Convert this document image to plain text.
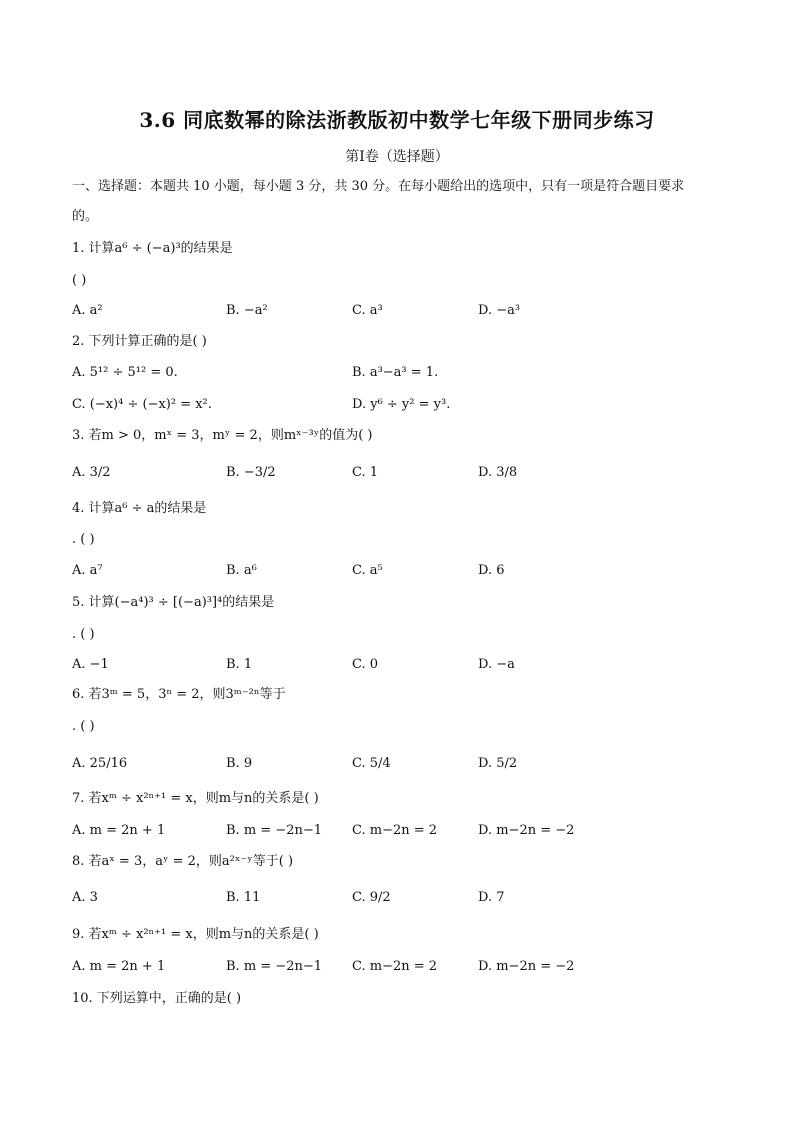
3.6 同底数幂的除法浙教版初中数学七年级下册同步练习
第Ⅰ卷（选择题）
一、选择题：本题共 10 小题，每小题 3 分，共 30 分。在每小题给出的选项中，只有一项是符合题目要求
的。
1. 计算a⁶ ÷ (−a)³的结果是
( )
A. a²	B. −a²	C. a³	D. −a³
2. 下列计算正确的是( )
A. 5¹² ÷ 5¹² = 0.	B. a³−a³ = 1.
C. (−x)⁴ ÷ (−x)² = x².	D. y⁶ ÷ y² = y³.
3. 若m > 0，mˣ = 3，mʸ = 2，则mˣ⁻³ʸ的值为( )
A. 3/2	B. −3/2	C. 1	D. 3/8
4. 计算a⁶ ÷ a的结果是
. ( )
A. a⁷	B. a⁶	C. a⁵	D. 6
5. 计算(−a⁴)³ ÷ [(−a)³]⁴的结果是
. ( )
A. −1	B. 1	C. 0	D. −a
6. 若3ᵐ = 5，3ⁿ = 2，则3ᵐ⁻²ⁿ等于
. ( )
A. 25/16	B. 9	C. 5/4	D. 5/2
7. 若xᵐ ÷ x²ⁿ⁺¹ = x，则m与n的关系是( )
A. m = 2n + 1	B. m = −2n−1 C. m−2n = 2	D. m−2n = −2
8. 若aˣ = 3，aʸ = 2，则a²ˣ⁻ʸ等于( )
A. 3	B. 11	C. 9/2	D. 7
9. 若xᵐ ÷ x²ⁿ⁺¹ = x，则m与n的关系是( )
A. m = 2n + 1	B. m = −2n−1 C. m−2n = 2	D. m−2n = −2
10. 下列运算中，正确的是( )
